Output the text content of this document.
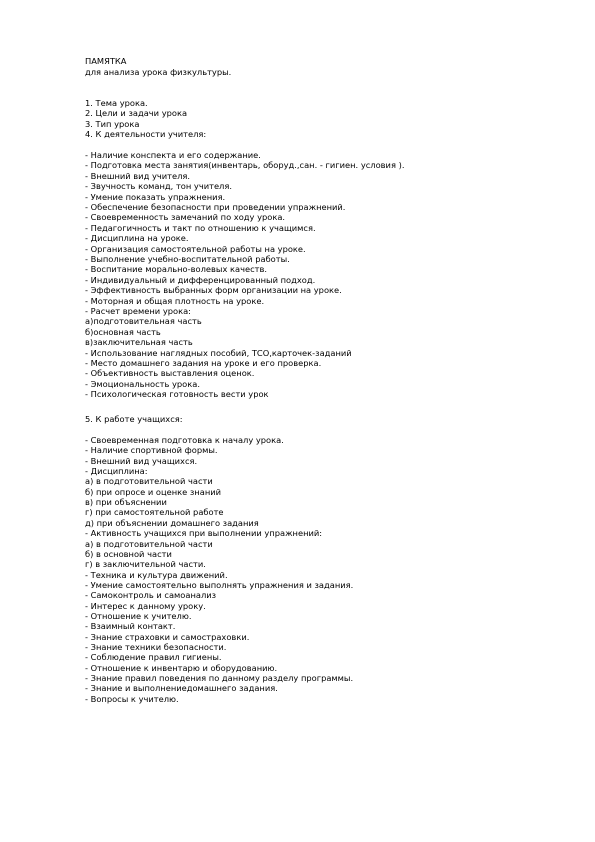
ПАМЯТКА
для анализа урока физкультуры.
1. Тема урока.
2. Цели и задачи урока
3. Тип урока
4. К деятельности учителя:
- Наличие конспекта и его содержание.
- Подготовка места занятия(инвентарь, оборуд.,сан. - гигиен. условия ).
- Внешний вид учителя.
- Звучность команд, тон учителя.
- Умение показать упражнения.
- Обеспечение безопасности при проведении упражнений.
- Своевременность замечаний по ходу урока.
- Педагогичность и такт по отношению к учащимся.
- Дисциплина на уроке.
- Организация самостоятельной работы на уроке.
- Выполнение учебно-воспитательной работы.
- Воспитание морально-волевых качеств.
- Индивидуальный и дифференцированный подход.
- Эффективность выбранных форм организации на уроке.
- Моторная и общая плотность на уроке.
- Расчет времени урока:
а)подготовительная часть
б)основная часть
в)заключительная часть
- Использование наглядных пособий, ТСО,карточек-заданий
- Место домашнего задания на уроке и его проверка.
- Объективность выставления оценок.
- Эмоциональность урока.
- Психологическая готовность вести урок
5. К работе учащихся:
- Своевременная подготовка к началу урока.
- Наличие спортивной формы.
- Внешний вид учащихся.
- Дисциплина:
а) в подготовительной части
б) при опросе и оценке знаний
в) при объяснении
г) при самостоятельной работе
д) при объяснении домашнего задания
- Активность учащихся при выполнении упражнений:
а) в подготовительной части
б) в основной части
г) в заключительной части.
- Техника и культура движений.
- Умение самостоятельно выполнять упражнения и задания.
- Самоконтроль и самоанализ
- Интерес к данному уроку.
- Отношение к учителю.
- Взаимный контакт.
- Знание страховки и самостраховки.
- Знание техники безопасности.
- Соблюдение правил гигиены.
- Отношение к инвентарю и оборудованию.
- Знание правил поведения по данному разделу программы.
- Знание и выполнениедомашнего задания.
- Вопросы к учителю.
